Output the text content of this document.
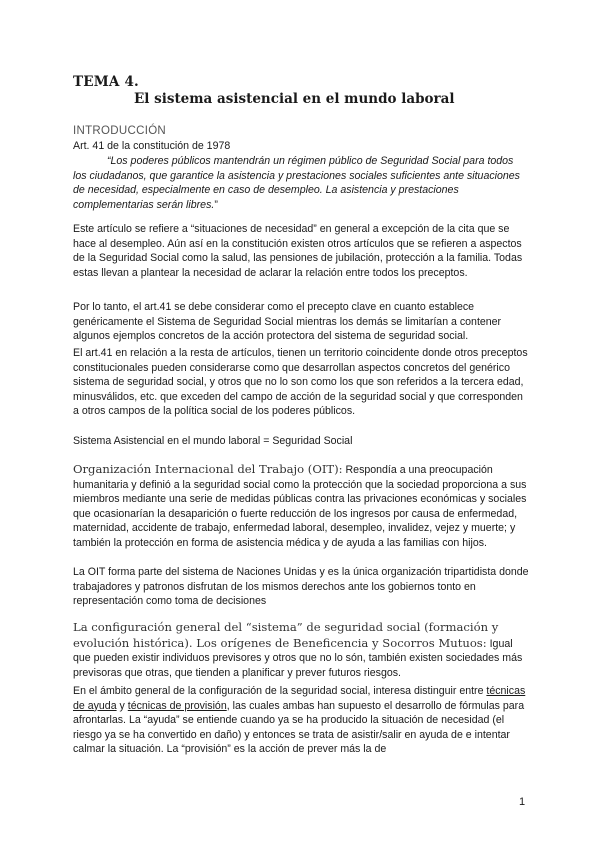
TEMA 4.
El sistema asistencial en el mundo laboral
INTRODUCCIÓN
Art. 41 de la constitución de 1978
“Los poderes públicos mantendrán un régimen público de Seguridad Social para todos los ciudadanos, que garantice la asistencia y prestaciones sociales suficientes ante situaciones de necesidad, especialmente en caso de desempleo. La asistencia y prestaciones complementarias serán libres.”
Este artículo se refiere a “situaciones de necesidad” en general a excepción de la cita que se hace al desempleo. Aún así en la constitución existen otros artículos que se refieren a aspectos de la Seguridad Social como la salud, las pensiones de jubilación, protección a la familia. Todas estas llevan a plantear la necesidad de aclarar la relación entre todos los preceptos.
Por lo tanto, el art.41 se debe considerar como el precepto clave en cuanto establece genéricamente el Sistema de Seguridad Social mientras los demás se limitarían a contener algunos ejemplos concretos de la acción protectora del sistema de seguridad social.
El art.41 en relación a la resta de artículos, tienen un territorio coincidente donde otros preceptos constitucionales pueden considerarse como que desarrollan aspectos concretos del genérico sistema de seguridad social, y otros que no lo son como los que son referidos a la tercera edad, minusválidos, etc. que exceden del campo de acción de la seguridad social y que corresponden a otros campos de la política social de los poderes públicos.
Sistema Asistencial en el mundo laboral = Seguridad Social
Organización Internacional del Trabajo (OIT): Respondía a una preocupación humanitaria y definió a la seguridad social como la protección que la sociedad proporciona a sus miembros mediante una serie de medidas públicas contra las privaciones económicas y sociales que ocasionarían la desaparición o fuerte reducción de los ingresos por causa de enfermedad, maternidad, accidente de trabajo, enfermedad laboral, desempleo, invalidez, vejez y muerte; y también la protección en forma de asistencia médica y de ayuda a las familias con hijos.
La OIT forma parte del sistema de Naciones Unidas y es la única organización tripartidista donde trabajadores y patronos disfrutan de los mismos derechos ante los gobiernos tonto en representación como toma de decisiones
La configuración general del “sistema” de seguridad social (formación y evolución histórica). Los orígenes de Beneficencia y Socorros Mutuos: Igual que pueden existir individuos previsores y otros que no lo són, también existen sociedades más previsoras que otras, que tienden a planificar y prever futuros riesgos.
En el ámbito general de la configuración de la seguridad social, interesa distinguir entre técnicas de ayuda y técnicas de provisión, las cuales ambas han supuesto el desarrollo de fórmulas para afrontarlas. La “ayuda” se entiende cuando ya se ha producido la situación de necesidad (el riesgo ya se ha convertido en daño) y entonces se trata de asistir/salir en ayuda de e intentar calmar la situación. La “provisión” es la acción de prever más la de
1
